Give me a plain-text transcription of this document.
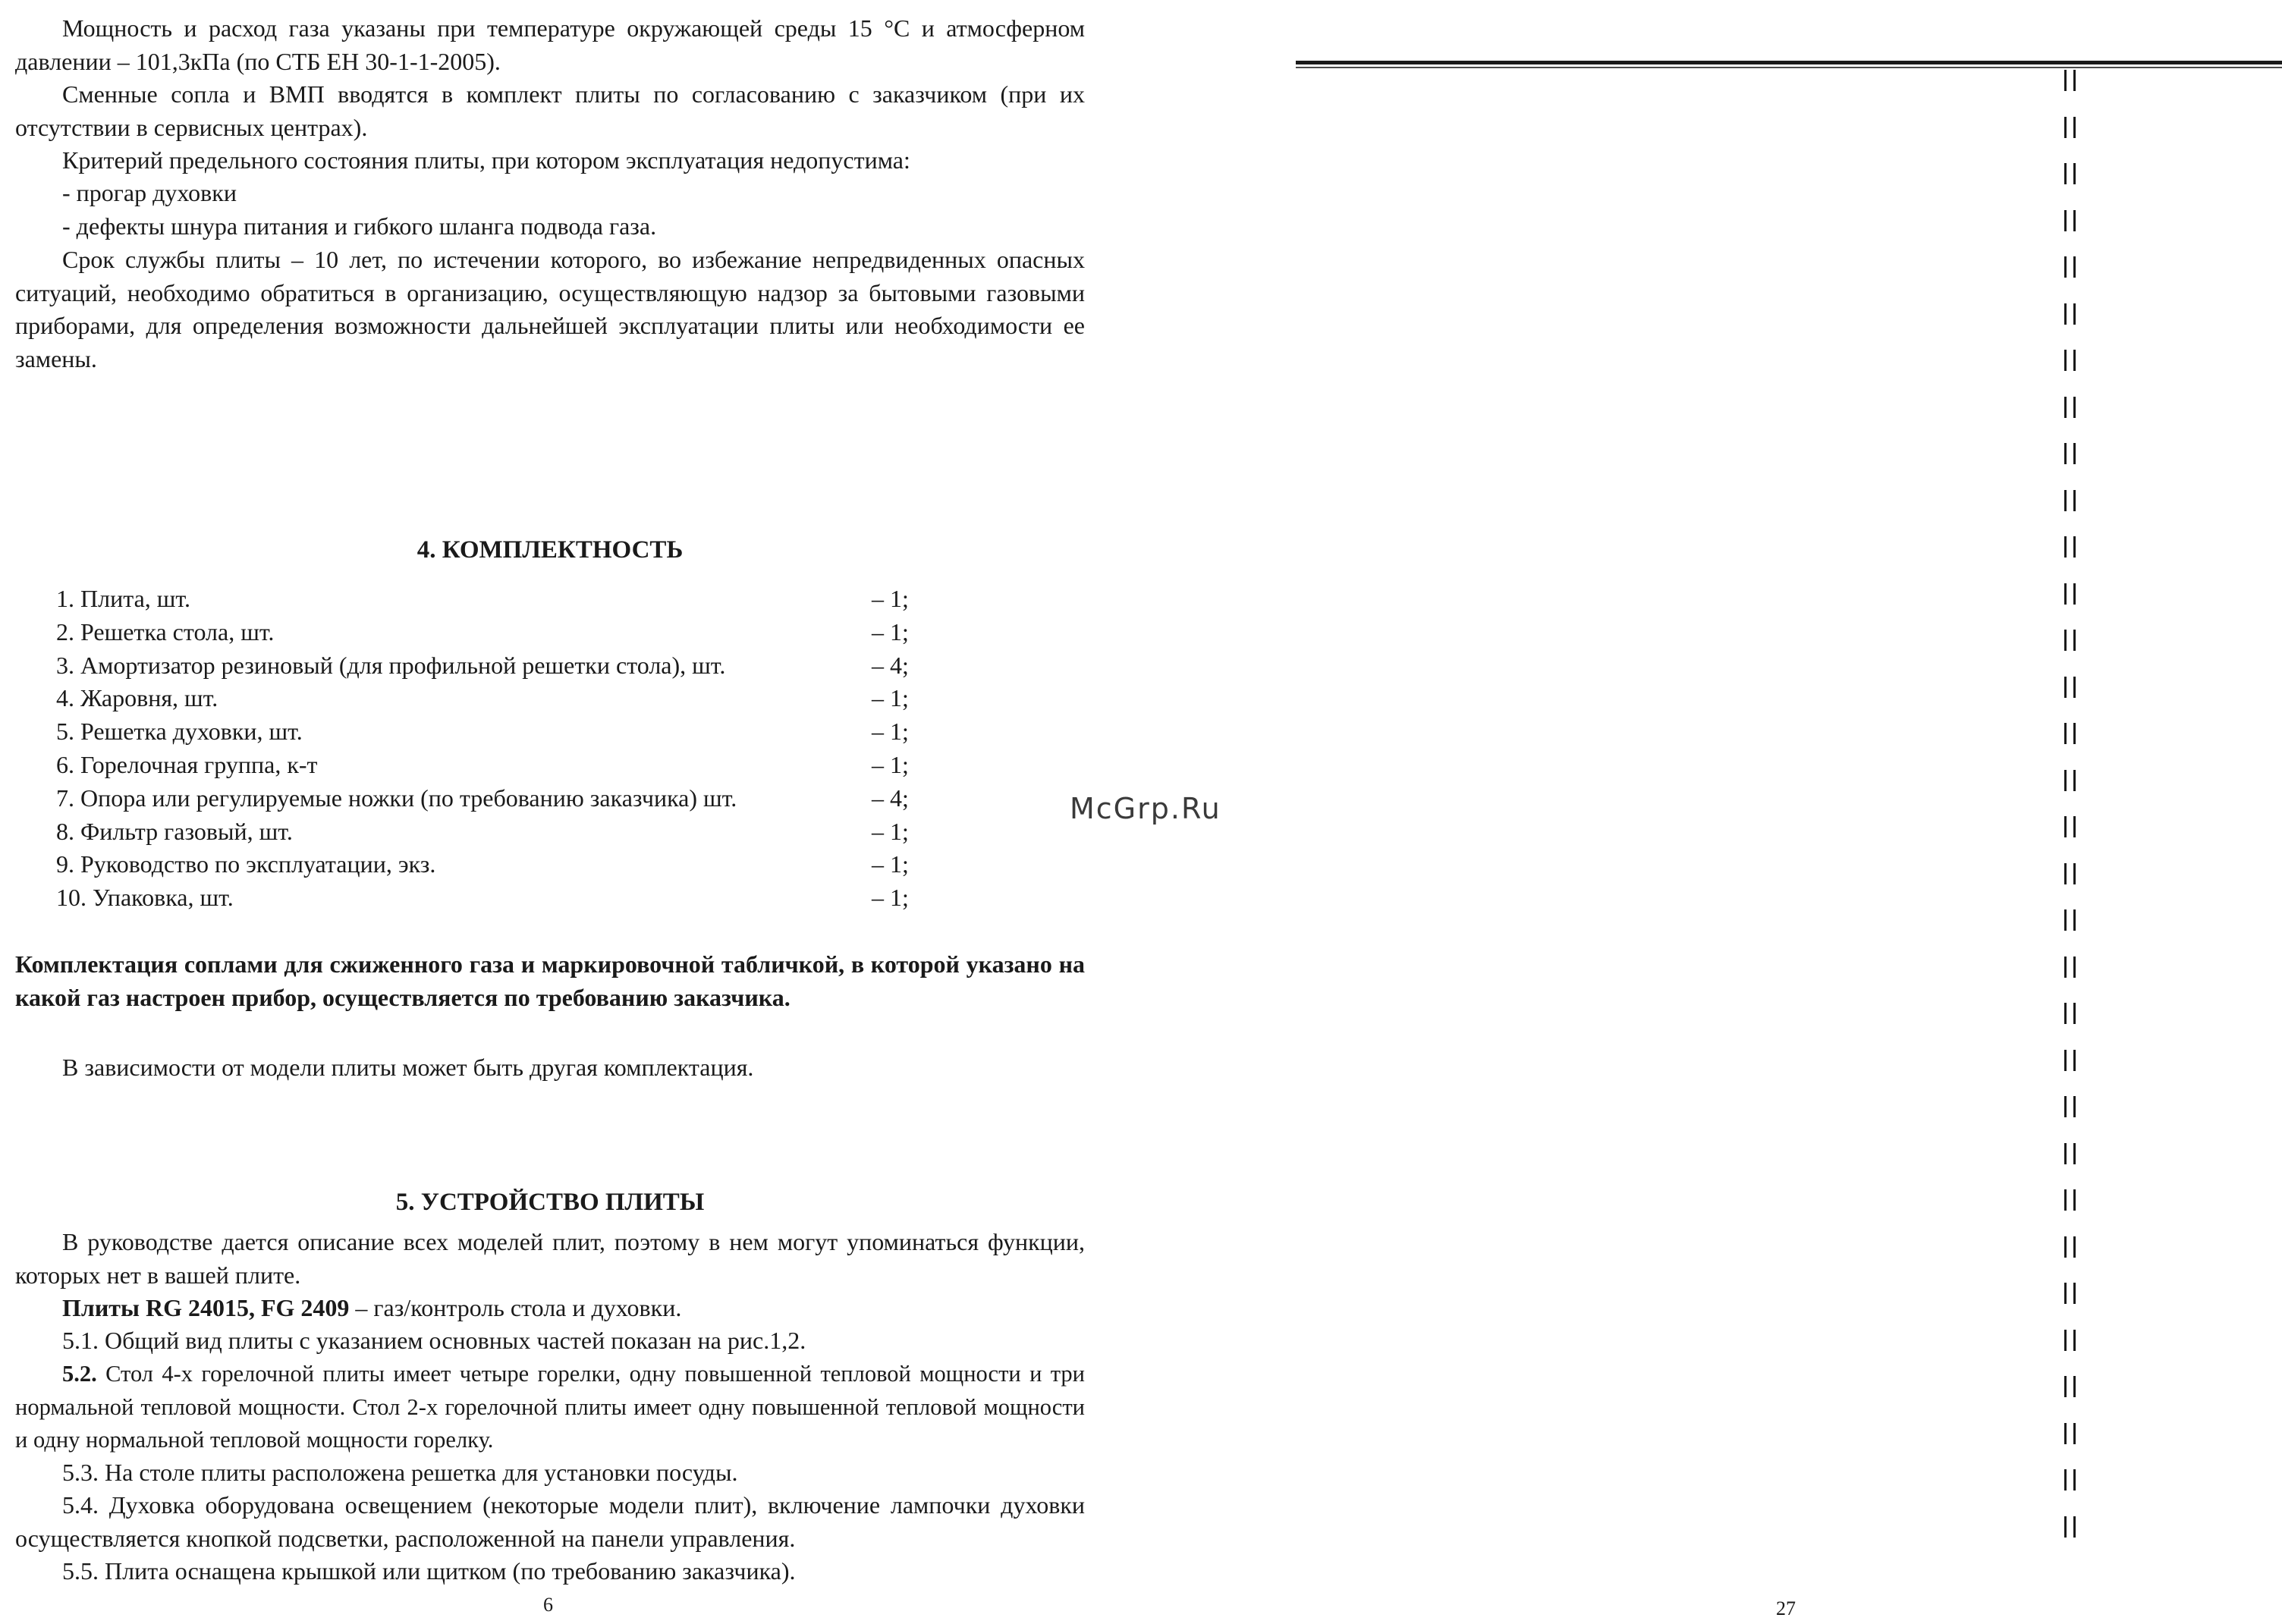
Мощность и расход газа указаны при температуре окружающей среды 15 °С и атмосферном давлении – 101,3кПа (по СТБ ЕН 30-1-1-2005).

Сменные сопла и ВМП вводятся в комплект плиты по согласованию с заказчиком (при их отсутствии в сервисных центрах).

Критерий предельного состояния плиты, при котором эксплуатация недопустима:

- прогар духовки

- дефекты шнура питания и гибкого шланга подвода газа.

Срок службы плиты – 10 лет, по истечении которого, во избежание непредвиденных опасных ситуаций, необходимо обратиться в организацию, осуществляющую надзор за бытовыми газовыми приборами, для определения возможности дальнейшей эксплуатации плиты или необходимости ее замены.

4. КОМПЛЕКТНОСТЬ
1. Плита, шт.	– 1;
2. Решетка стола, шт.	– 1;
3. Амортизатор резиновый (для профильной решетки стола), шт.	– 4;
4. Жаровня, шт.	– 1;
5. Решетка духовки, шт.	– 1;
6. Горелочная группа, к-т	– 1;
7. Опора или регулируемые ножки (по требованию заказчика) шт.	– 4;
8. Фильтр газовый, шт.	– 1;
9. Руководство по эксплуатации, экз.	– 1;
10. Упаковка, шт.	– 1;

Комплектация соплами для сжиженного газа и маркировочной табличкой, в которой указано на какой газ настроен прибор, осуществляется по требованию заказчика.

В зависимости от модели плиты может быть другая комплектация.

5. УСТРОЙСТВО ПЛИТЫ

В руководстве дается описание всех моделей плит, поэтому в нем могут упоминаться функции, которых нет в вашей плите.

Плиты RG 24015, FG 2409 – газ/контроль стола и духовки.

5.1. Общий вид плиты с указанием основных частей показан на рис.1,2.

5.2. Стол 4-х горелочной плиты имеет четыре горелки, одну повышенной тепловой мощности и три нормальной тепловой мощности. Стол 2-х горелочной плиты имеет одну повышенной тепловой мощности и одну нормальной тепловой мощности горелку.

5.3. На столе плиты расположена решетка для установки посуды.

5.4. Духовка оборудована освещением (некоторые модели плит), включение лампочки духовки осуществляется кнопкой подсветки, расположенной на панели управления.

5.5. Плита оснащена крышкой или щитком (по требованию заказчика).

6
McGrp.Ru
27
